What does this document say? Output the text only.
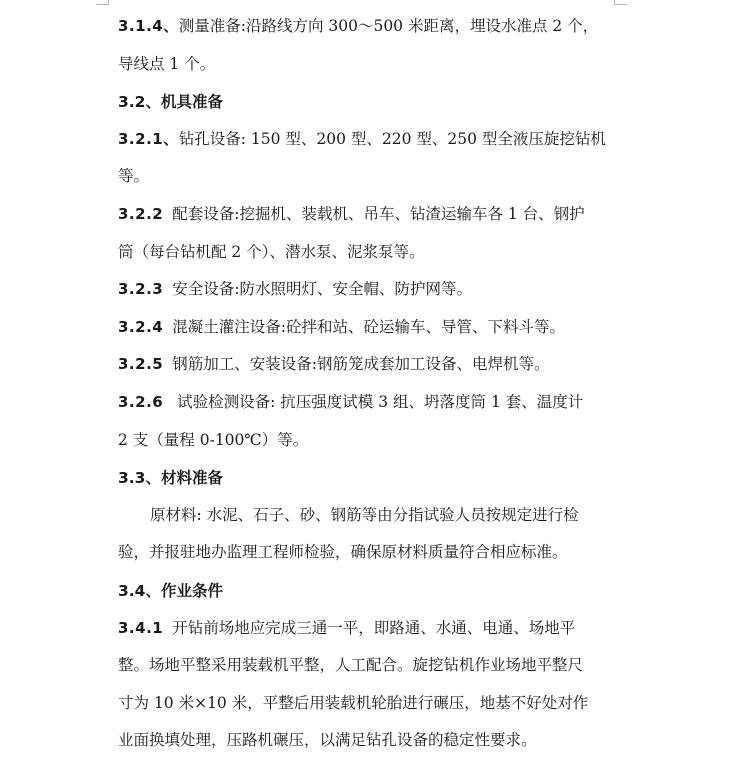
3.1.4、测量准备:沿路线方向 300～500 米距离，埋设水准点 2 个，
导线点 1 个。
3.2、机具准备
3.2.1、钻孔设备: 150 型、200 型、220 型、250 型全液压旋挖钻机
等。
3.2.2 配套设备:挖掘机、装载机、吊车、钻渣运输车各 1 台、钢护
筒（每台钻机配 2 个）、潜水泵、泥浆泵等。
3.2.3 安全设备:防水照明灯、安全帽、防护网等。
3.2.4 混凝土灌注设备:砼拌和站、砼运输车、导管、下料斗等。
3.2.5 钢筋加工、安装设备:钢筋笼成套加工设备、电焊机等。
3.2.6 试验检测设备: 抗压强度试模 3 组、坍落度筒 1 套、温度计
2 支（量程 0-100℃）等。
3.3、材料准备
原材料: 水泥、石子、砂、钢筋等由分指试验人员按规定进行检
验，并报驻地办监理工程师检验，确保原材料质量符合相应标准。
3.4、作业条件
3.4.1 开钻前场地应完成三通一平，即路通、水通、电通、场地平
整。场地平整采用装载机平整，人工配合。旋挖钻机作业场地平整尺
寸为 10 米×10 米，平整后用装载机轮胎进行碾压，地基不好处对作
业面换填处理，压路机碾压，以满足钻孔设备的稳定性要求。
